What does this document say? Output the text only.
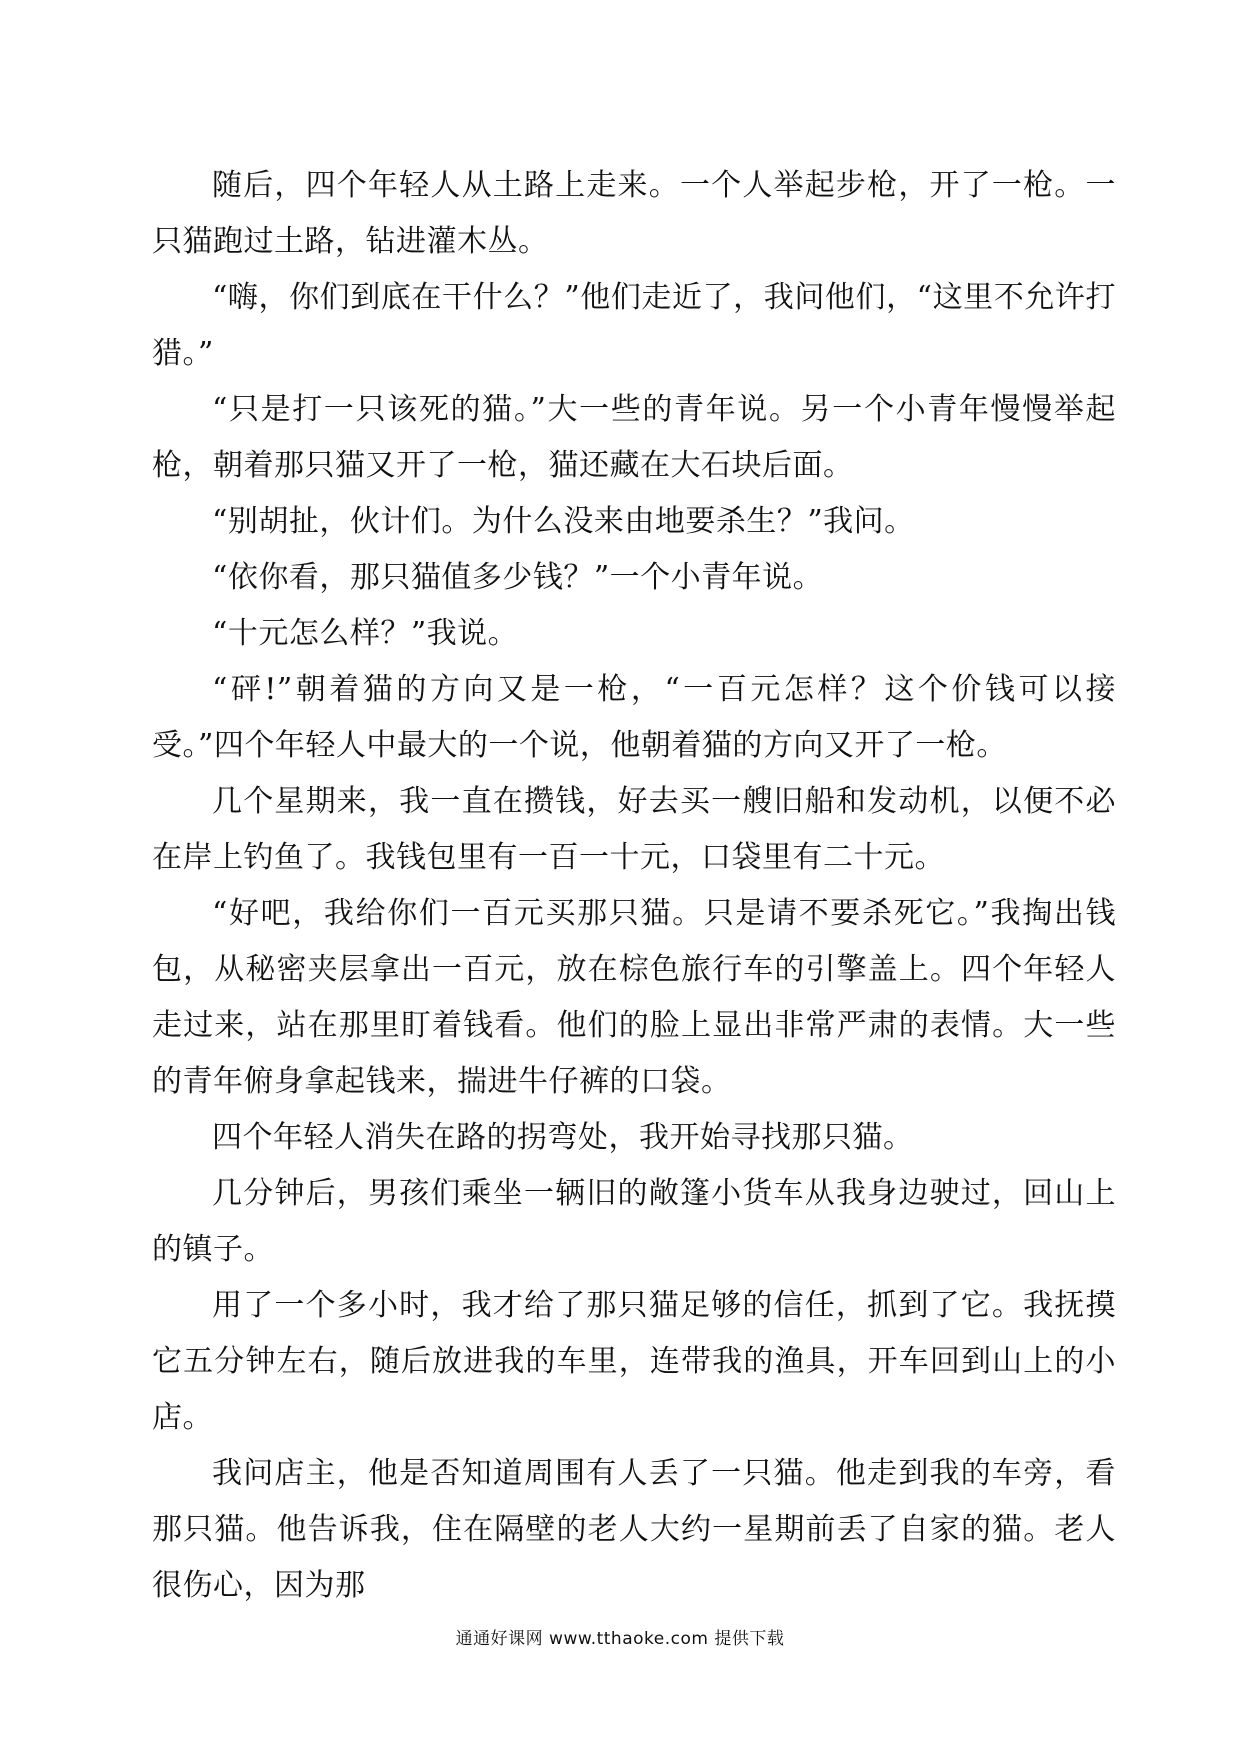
随后，四个年轻人从土路上走来。一个人举起步枪，开了一枪。一只猫跑过土路，钻进灌木丛。

“嗨，你们到底在干什么？”他们走近了，我问他们，“这里不允许打猎。”

“只是打一只该死的猫。”大一些的青年说。另一个小青年慢慢举起枪，朝着那只猫又开了一枪，猫还藏在大石块后面。

“别胡扯，伙计们。为什么没来由地要杀生？”我问。

“依你看，那只猫值多少钱？”一个小青年说。

“十元怎么样？”我说。

“砰!”朝着猫的方向又是一枪，“一百元怎样？这个价钱可以接受。”四个年轻人中最大的一个说，他朝着猫的方向又开了一枪。

几个星期来，我一直在攒钱，好去买一艘旧船和发动机，以便不必在岸上钓鱼了。我钱包里有一百一十元，口袋里有二十元。

“好吧，我给你们一百元买那只猫。只是请不要杀死它。”我掏出钱包，从秘密夹层拿出一百元，放在棕色旅行车的引擎盖上。四个年轻人走过来，站在那里盯着钱看。他们的脸上显出非常严肃的表情。大一些的青年俯身拿起钱来，揣进牛仔裤的口袋。

四个年轻人消失在路的拐弯处，我开始寻找那只猫。

几分钟后，男孩们乘坐一辆旧的敞篷小货车从我身边驶过，回山上的镇子。

用了一个多小时，我才给了那只猫足够的信任，抓到了它。我抚摸它五分钟左右，随后放进我的车里，连带我的渔具，开车回到山上的小店。

我问店主，他是否知道周围有人丢了一只猫。他走到我的车旁，看那只猫。他告诉我，住在隔壁的老人大约一星期前丢了自家的猫。老人很伤心，因为那

通通好课网 www.tthaoke.com 提供下载
